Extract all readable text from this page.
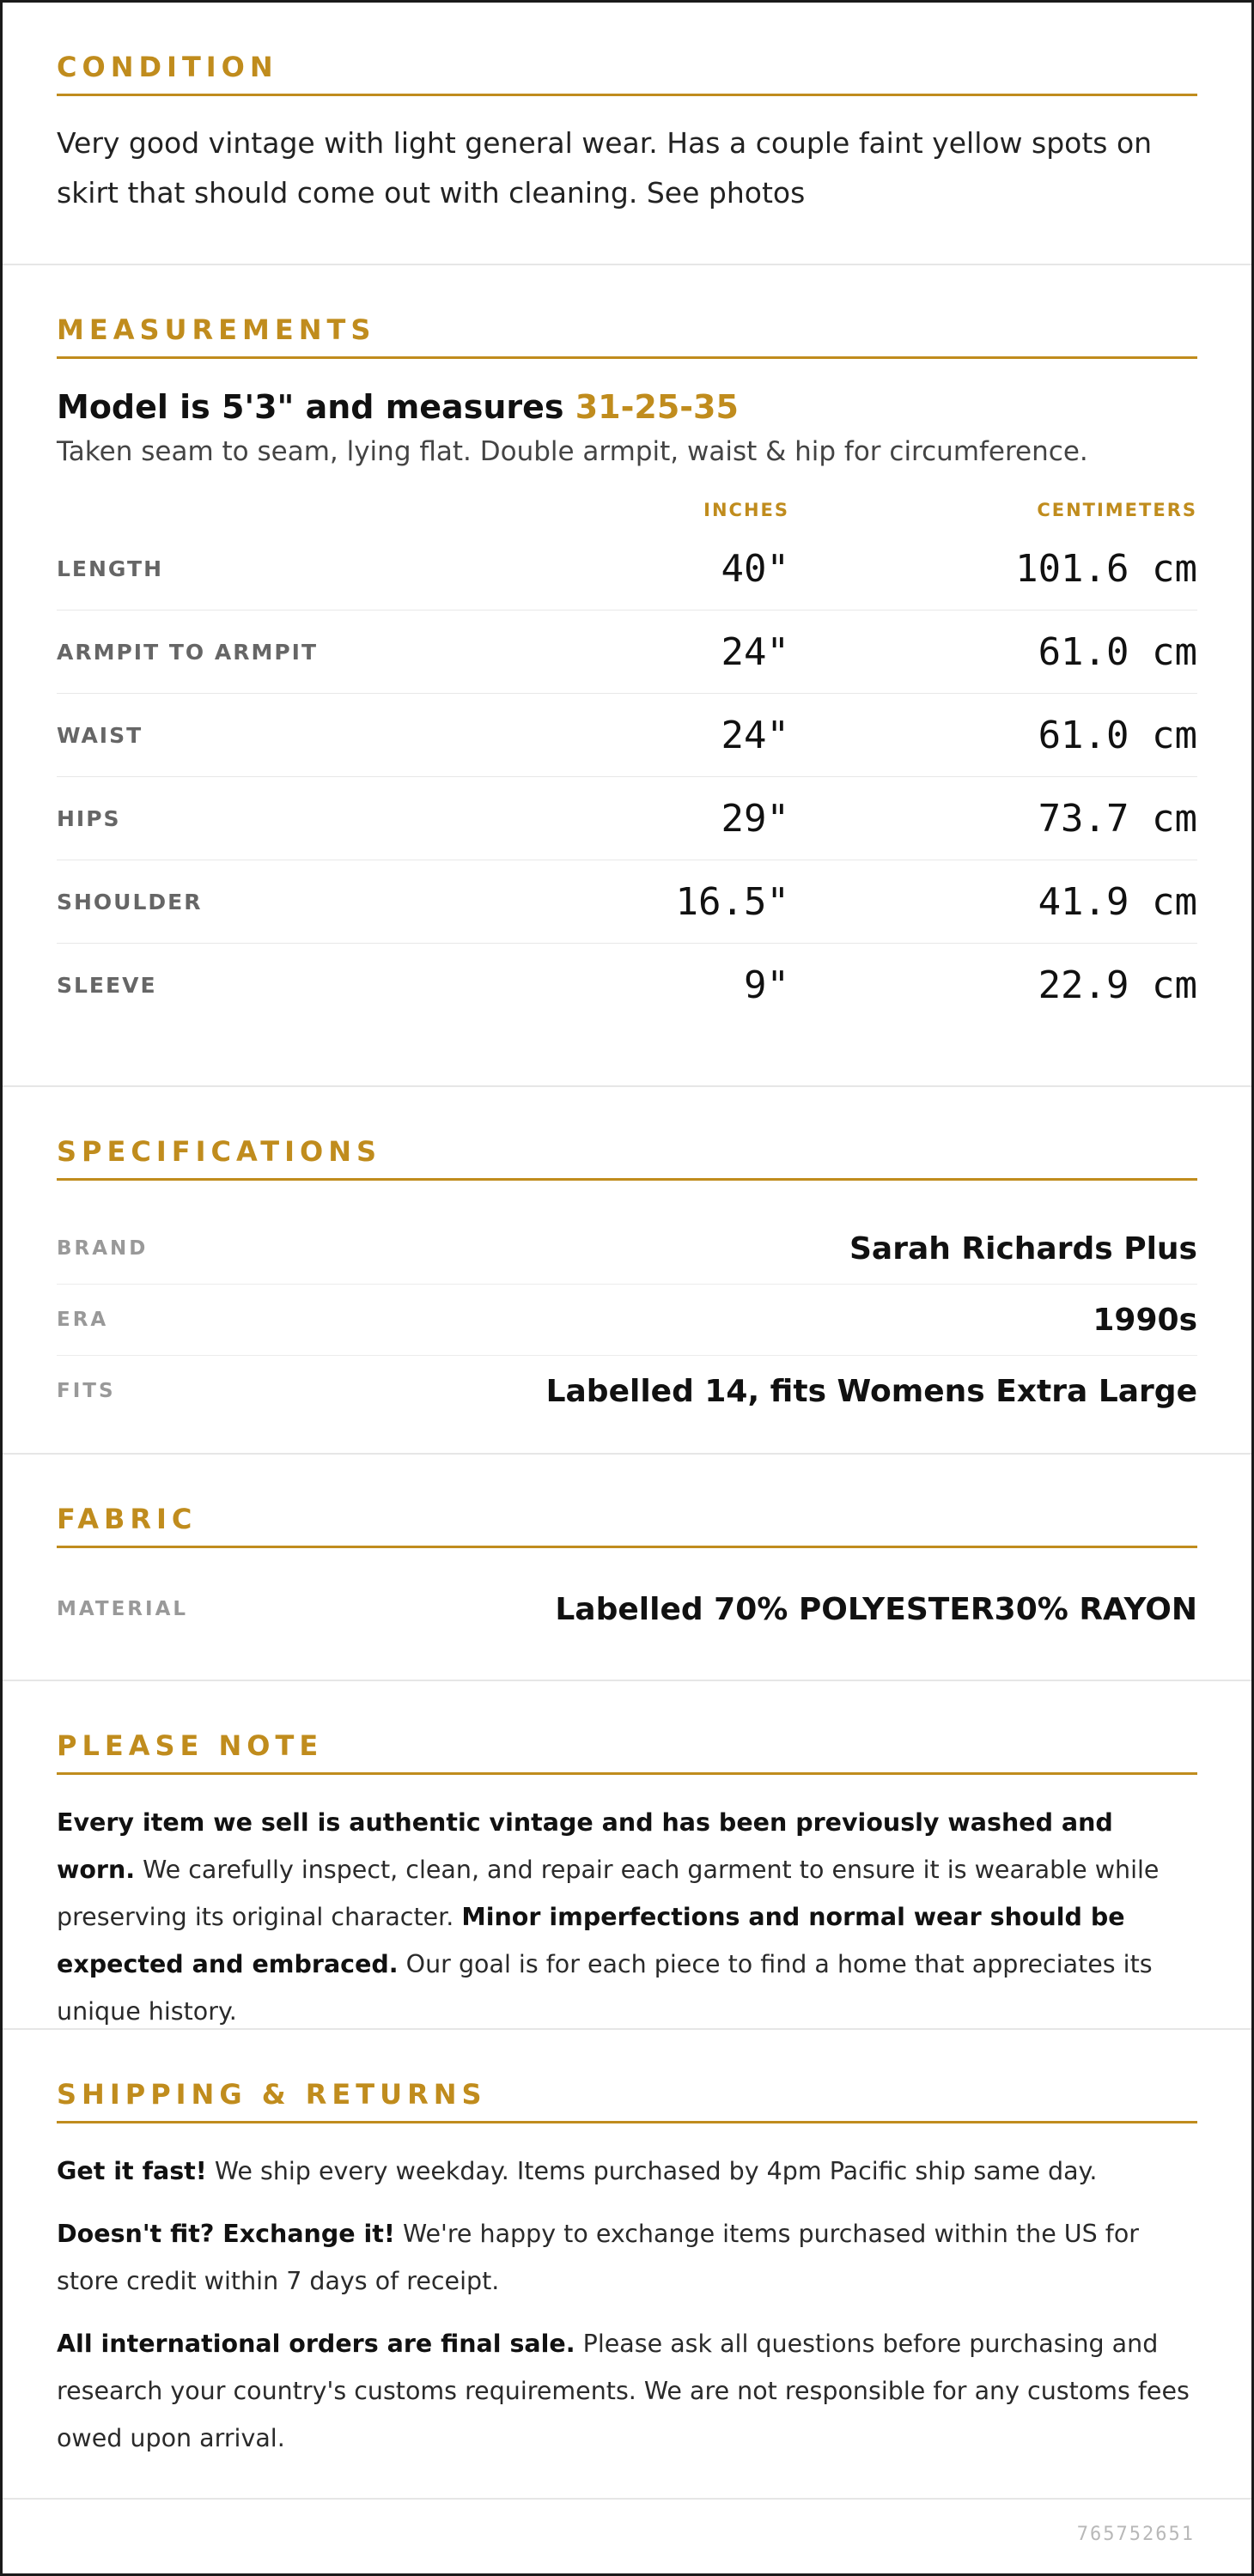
CONDITION
Very good vintage with light general wear. Has a couple faint yellow spots on skirt that should come out with cleaning. See photos
MEASUREMENTS
Model is 5'3" and measures 31-25-35
Taken seam to seam, lying flat. Double armpit, waist & hip for circumference.
INCHES	CENTIMETERS
LENGTH	40"	101.6 cm
ARMPIT TO ARMPIT	24"	61.0 cm
WAIST	24"	61.0 cm
HIPS	29"	73.7 cm
SHOULDER	16.5"	41.9 cm
SLEEVE	9"	22.9 cm
SPECIFICATIONS
BRAND	Sarah Richards Plus
ERA	1990s
FITS	Labelled 14, fits Womens Extra Large
FABRIC
MATERIAL	Labelled 70% POLYESTER30% RAYON
PLEASE NOTE
Every item we sell is authentic vintage and has been previously washed and worn. We carefully inspect, clean, and repair each garment to ensure it is wearable while preserving its original character. Minor imperfections and normal wear should be expected and embraced. Our goal is for each piece to find a home that appreciates its unique history.
SHIPPING & RETURNS

Get it fast! We ship every weekday. Items purchased by 4pm Pacific ship same day.

Doesn't fit? Exchange it! We're happy to exchange items purchased within the US for store credit within 7 days of receipt.

All international orders are final sale. Please ask all questions before purchasing and research your country's customs requirements. We are not responsible for any customs fees owed upon arrival.

765752651
